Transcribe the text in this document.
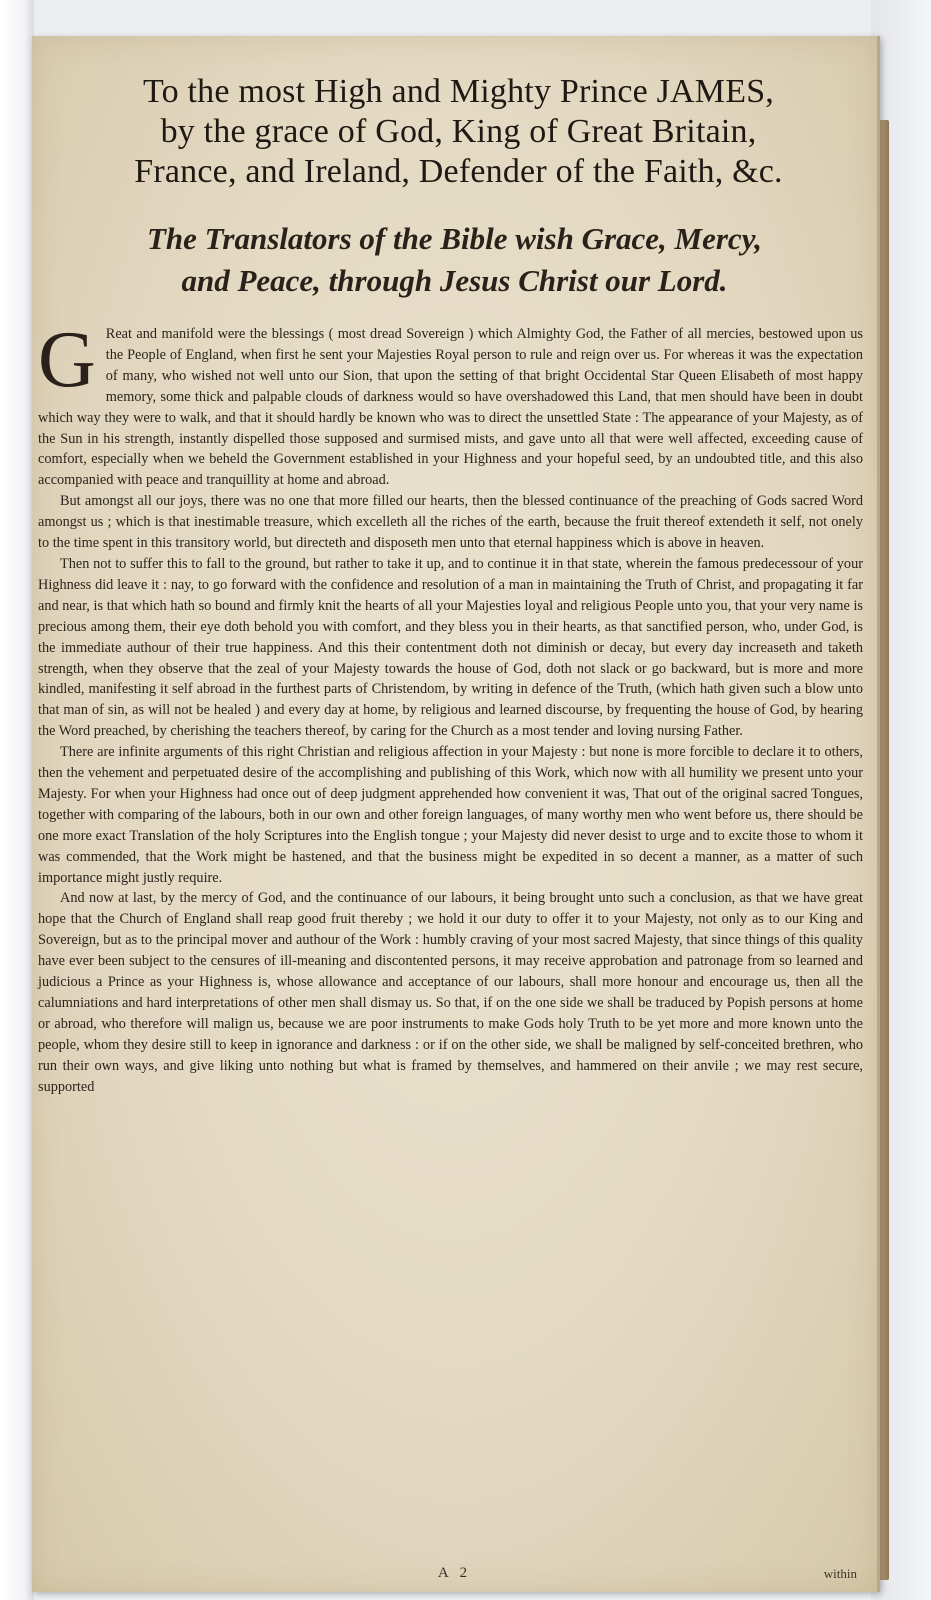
To the most High and Mighty Prince JAMES,

by the grace of God, King of Great Britain,

France, and Ireland, Defender of the Faith, &c.

The Translators of the Bible wish Grace, Mercy,

and Peace, through Jesus Christ our Lord.

G Reat and manifold were the blessings ( most dread Sovereign ) which Almighty God, the Father of all mercies, bestowed upon us the People of England, when first he sent your Majesties Royal person to rule and reign over us. For whereas it was the expectation of many, who wished not well unto our Sion, that upon the setting of that bright Occidental Star Queen Elisabeth of most happy memory, some thick and palpable clouds of darkness would so have overshadowed this Land, that men should have been in doubt which way they were to walk, and that it should hardly be known who was to direct the unsettled State : The appearance of your Majesty, as of the Sun in his strength, instantly dispelled those supposed and surmised mists, and gave unto all that were well affected, exceeding cause of comfort, especially when we beheld the Government established in your Highness and your hopeful seed, by an undoubted title, and this also accompanied with peace and tranquillity at home and abroad.

But amongst all our joys, there was no one that more filled our hearts, then the blessed continuance of the preaching of Gods sacred Word amongst us ; which is that inestimable treasure, which excelleth all the riches of the earth, because the fruit thereof extendeth it self, not onely to the time spent in this transitory world, but directeth and disposeth men unto that eternal happiness which is above in heaven.

Then not to suffer this to fall to the ground, but rather to take it up, and to continue it in that state, wherein the famous predecessour of your Highness did leave it : nay, to go forward with the confidence and resolution of a man in maintaining the Truth of Christ, and propagating it far and near, is that which hath so bound and firmly knit the hearts of all your Majesties loyal and religious People unto you, that your very name is precious among them, their eye doth behold you with comfort, and they bless you in their hearts, as that sanctified person, who, under God, is the immediate authour of their true happiness. And this their contentment doth not diminish or decay, but every day increaseth and taketh strength, when they observe that the zeal of your Majesty towards the house of God, doth not slack or go backward, but is more and more kindled, manifesting it self abroad in the furthest parts of Christendom, by writing in defence of the Truth, (which hath given such a blow unto that man of sin, as will not be healed ) and every day at home, by religious and learned discourse, by frequenting the house of God, by hearing the Word preached, by cherishing the teachers thereof, by caring for the Church as a most tender and loving nursing Father.

There are infinite arguments of this right Christian and religious affection in your Majesty : but none is more forcible to declare it to others, then the vehement and perpetuated desire of the accomplishing and publishing of this Work, which now with all humility we present unto your Majesty. For when your Highness had once out of deep judgment apprehended how convenient it was, That out of the original sacred Tongues, together with comparing of the labours, both in our own and other foreign languages, of many worthy men who went before us, there should be one more exact Translation of the holy Scriptures into the English tongue ; your Majesty did never desist to urge and to excite those to whom it was commended, that the Work might be hastened, and that the business might be expedited in so decent a manner, as a matter of such importance might justly require.

And now at last, by the mercy of God, and the continuance of our labours, it being brought unto such a conclusion, as that we have great hope that the Church of England shall reap good fruit thereby ; we hold it our duty to offer it to your Majesty, not only as to our King and Sovereign, but as to the principal mover and authour of the Work : humbly craving of your most sacred Majesty, that since things of this quality have ever been subject to the censures of ill-meaning and discontented persons, it may receive approbation and patronage from so learned and judicious a Prince as your Highness is, whose allowance and acceptance of our labours, shall more honour and encourage us, then all the calumniations and hard interpretations of other men shall dismay us. So that, if on the one side we shall be traduced by Popish persons at home or abroad, who therefore will malign us, because we are poor instruments to make Gods holy Truth to be yet more and more known unto the people, whom they desire still to keep in ignorance and darkness : or if on the other side, we shall be maligned by self-conceited brethren, who run their own ways, and give liking unto nothing but what is framed by themselves, and hammered on their anvile ; we may rest secure, supported

A 2	within
